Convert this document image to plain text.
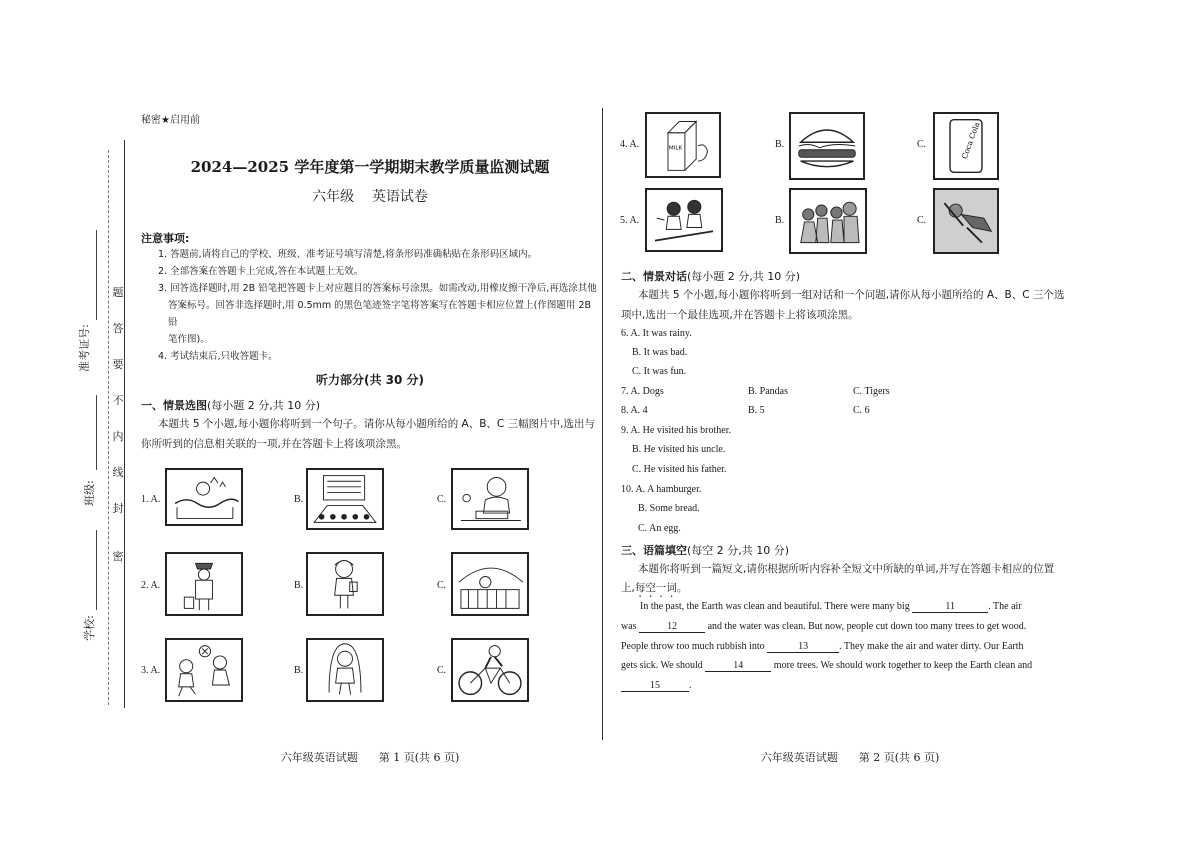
准考证号:
班级:
学校:
题
答
要
不
内
线
封
密
秘密★启用前
2024—2025 学年度第一学期期末教学质量监测试题
六年级    英语试卷
注意事项:
1. 答题前,请将自己的学校、班级、准考证号填写清楚,将条形码准确粘贴在条形码区域内。
2. 全部答案在答题卡上完成,答在本试题上无效。
3. 回答选择题时,用 2B 铅笔把答题卡上对应题目的答案标号涂黑。如需改动,用橡皮擦干净后,再选涂其他
答案标号。回答非选择题时,用 0.5mm 的黑色笔迹签字笔将答案写在答题卡相应位置上(作图题用 2B 铅
笔作图)。
4. 考试结束后,只收答题卡。
听力部分(共 30 分)
一、情景选图(每小题 2 分,共 10 分)
本题共 5 个小题,每小题你将听到一个句子。请你从每小题所给的 A、B、C 三幅图片中,选出与
你所听到的信息相关联的一项,并在答题卡上将该项涂黑。
1. A.	B.	C.
2. A.	B.	C.
3. A.	B.	C.
六年级英语试题      第 1 页(共 6 页)
4. A.	MILK	B.	C.	Coca Cola
5. A.	B.	C.
二、情景对话(每小题 2 分,共 10 分)
本题共 5 个小题,每小题你将听到一组对话和一个问题,请你从每小题所给的 A、B、C 三个选
项中,选出一个最佳选项,并在答题卡上将该项涂黑。
6. A. It was rainy.
B. It was bad.
C. It was fun.
7. A. Dogs	B. Pandas	C. Tigers
8. A. 4	B. 5	C. 6
9. A. He visited his brother.
B. He visited his uncle.
C. He visited his father.
10. A. A hamburger.
B. Some bread.
C. An egg.
三、语篇填空(每空 2 分,共 10 分)
本题你将听到一篇短文,请你根据所听内容补全短文中所缺的单词,并写在答题卡相应的位置
上,每空一词。
In the past, the Earth was clean and beautiful. There were many big	11	. The air
was	12	and the water was clean. But now, people cut down too many trees to get wood.
People throw too much rubbish into	13	. They make the air and water dirty. Our Earth
gets sick. We should	14	more trees. We should work together to keep the Earth clean and
15	.
六年级英语试题      第 2 页(共 6 页)
